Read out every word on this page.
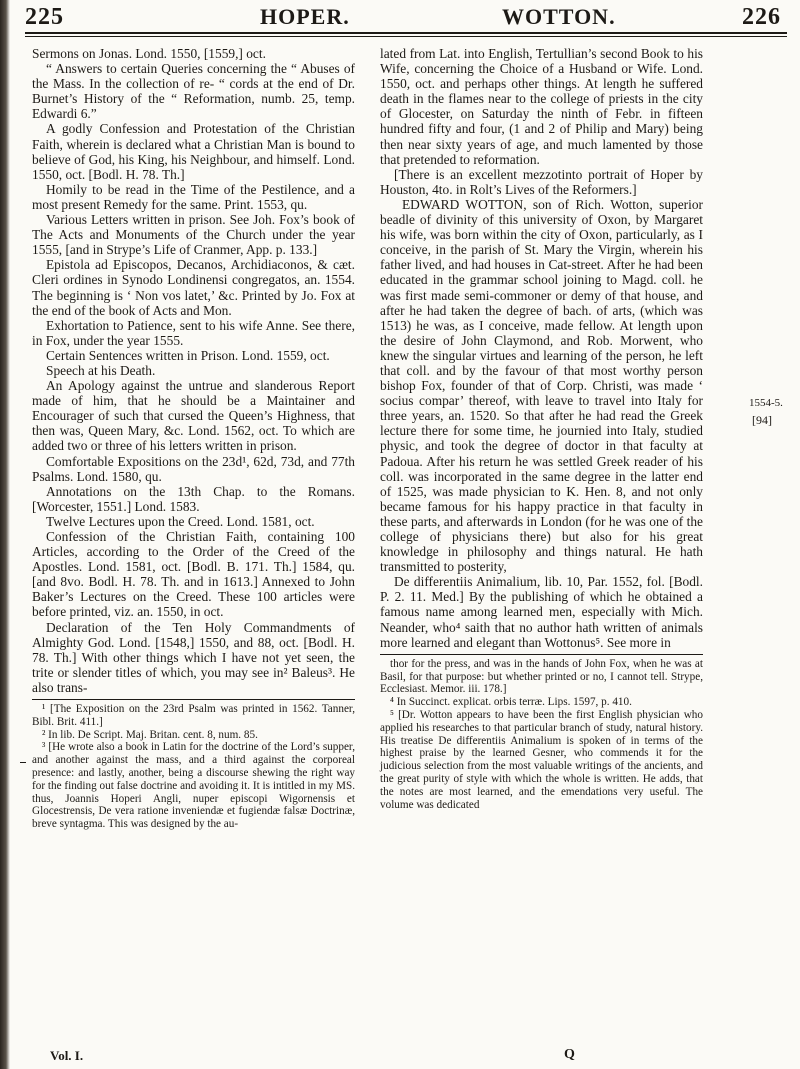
225	HOPER.	WOTTON.	226

Sermons on Jonas. Lond. 1550, [1559,] oct.

“ Answers to certain Queries concerning the “ Abuses of the Mass. In the collection of re- “ cords at the end of Dr. Burnet’s History of the “ Reformation, numb. 25, temp. Edwardi 6.”

A godly Confession and Protestation of the Christian Faith, wherein is declared what a Christian Man is bound to believe of God, his King, his Neighbour, and himself. Lond. 1550, oct. [Bodl. H. 78. Th.]

Homily to be read in the Time of the Pestilence, and a most present Remedy for the same. Print. 1553, qu.

Various Letters written in prison. See Joh. Fox’s book of The Acts and Monuments of the Church under the year 1555, [and in Strype’s Life of Cranmer, App. p. 133.]

Epistola ad Episcopos, Decanos, Archidiaconos, & cæt. Cleri ordines in Synodo Londinensi congregatos, an. 1554. The beginning is ‘ Non vos latet,’ &c. Printed by Jo. Fox at the end of the book of Acts and Mon.

Exhortation to Patience, sent to his wife Anne. See there, in Fox, under the year 1555.

Certain Sentences written in Prison. Lond. 1559, oct.

Speech at his Death.

An Apology against the untrue and slanderous Report made of him, that he should be a Maintainer and Encourager of such that cursed the Queen’s Highness, that then was, Queen Mary, &c. Lond. 1562, oct. To which are added two or three of his letters written in prison.

Comfortable Expositions on the 23d¹, 62d, 73d, and 77th Psalms. Lond. 1580, qu.

Annotations on the 13th Chap. to the Romans. [Worcester, 1551.] Lond. 1583.

Twelve Lectures upon the Creed. Lond. 1581, oct.

Confession of the Christian Faith, containing 100 Articles, according to the Order of the Creed of the Apostles. Lond. 1581, oct. [Bodl. B. 171. Th.] 1584, qu. [and 8vo. Bodl. H. 78. Th. and in 1613.] Annexed to John Baker’s Lectures on the Creed. These 100 articles were before printed, viz. an. 1550, in oct.

Declaration of the Ten Holy Commandments of Almighty God. Lond. [1548,] 1550, and 88, oct. [Bodl. H. 78. Th.] With other things which I have not yet seen, the trite or slender titles of which, you may see in² Baleus³. He also trans-

¹ [The Exposition on the 23rd Psalm was printed in 1562. Tanner, Bibl. Brit. 411.]

² In lib. De Script. Maj. Britan. cent. 8, num. 85.

³ [He wrote also a book in Latin for the doctrine of the Lord’s supper, and another against the mass, and a third against the corporeal presence: and lastly, another, being a discourse shewing the right way for the finding out false doctrine and avoiding it. It is intitled in my MS. thus, Joannis Hoperi Angli, nuper episcopi Wigornensis et Glocestrensis, De vera ratione inveniendæ et fugiendæ falsæ Doctrinæ, breve syntagma. This was designed by the au-

lated from Lat. into English, Tertullian’s second Book to his Wife, concerning the Choice of a Husband or Wife. Lond. 1550, oct. and perhaps other things. At length he suffered death in the flames near to the college of priests in the city of Glocester, on Saturday the ninth of Febr. in fifteen hundred fifty and four, (1 and 2 of Philip and Mary) being then near sixty years of age, and much lamented by those that pretended to reformation.

[There is an excellent mezzotinto portrait of Hoper by Houston, 4to. in Rolt’s Lives of the Reformers.]

EDWARD WOTTON, son of Rich. Wotton, superior beadle of divinity of this university of Oxon, by Margaret his wife, was born within the city of Oxon, particularly, as I conceive, in the parish of St. Mary the Virgin, wherein his father lived, and had houses in Cat-street. After he had been educated in the grammar school joining to Magd. coll. he was first made semi-commoner or demy of that house, and after he had taken the degree of bach. of arts, (which was 1513) he was, as I conceive, made fellow. At length upon the desire of John Claymond, and Rob. Morwent, who knew the singular virtues and learning of the person, he left that coll. and by the favour of that most worthy person bishop Fox, founder of that of Corp. Christi, was made ‘ socius compar’ thereof, with leave to travel into Italy for three years, an. 1520. So that after he had read the Greek lecture there for some time, he journied into Italy, studied physic, and took the degree of doctor in that faculty at Padoua. After his return he was settled Greek reader of his coll. was incorporated in the same degree in the latter end of 1525, was made physician to K. Hen. 8, and not only became famous for his happy practice in that faculty in these parts, and afterwards in London (for he was one of the college of physicians there) but also for his great knowledge in philosophy and things natural. He hath transmitted to posterity,

De differentiis Animalium, lib. 10, Par. 1552, fol. [Bodl. P. 2. 11. Med.] By the publishing of which he obtained a famous name among learned men, especially with Mich. Neander, who⁴ saith that no author hath written of animals more learned and elegant than Wottonus⁵. See more in

thor for the press, and was in the hands of John Fox, when he was at Basil, for that purpose: but whether printed or no, I cannot tell. Strype, Ecclesiast. Memor. iii. 178.]

⁴ In Succinct. explicat. orbis terræ. Lips. 1597, p. 410.

⁵ [Dr. Wotton appears to have been the first English physician who applied his researches to that particular branch of study, natural history. His treatise De differentiis Animalium is spoken of in terms of the highest praise by the learned Gesner, who commends it for the judicious selection from the most valuable writings of the ancients, and the great purity of style with which the whole is written. He adds, that the notes are most learned, and the emendations very useful. The volume was dedicated

1554-5.
[94]
Vol. I.	Q
